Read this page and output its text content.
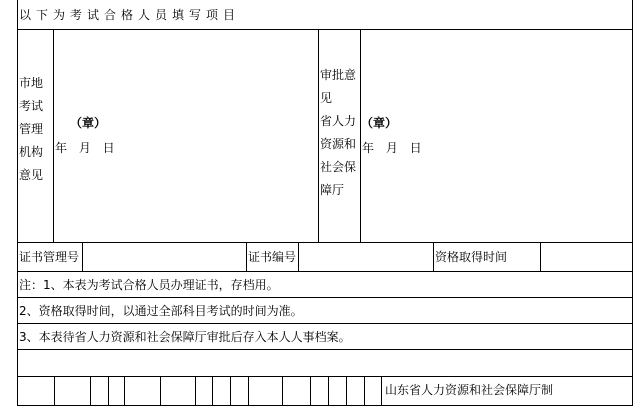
以下为考试合格人员填写项目
市地
考试
管理
机构
意见
（章）
年 月 日
审批意
见
省人力
资源和
社会保
障厅
（章）
年 月 日
证书管理号	证书编号	资格取得时间
注：1、本表为考试合格人员办理证书，存档用。
2、资格取得时间，以通过全部科目考试的时间为准。
3、本表待省人力资源和社会保障厅审批后存入本人人事档案。
山东省人力资源和社会保障厅制
